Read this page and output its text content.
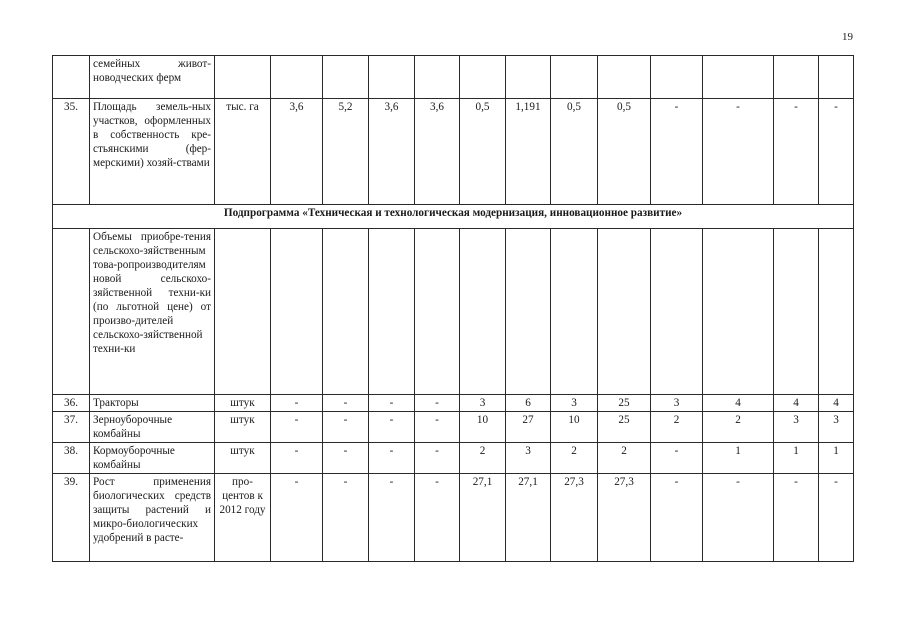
19
	семейных живот-новодческих ферм													
35.	Площадь земель-ных участков, оформленных в собственность кре-стьянскими (фер-мерскими) хозяй-ствами	тыс. га	3,6	5,2	3,6	3,6	0,5	1,191	0,5	0,5	-	-	-	-
Подпрограмма «Техническая и технологическая модернизация, инновационное развитие»														
	Объемы приобре-тения сельскохо-зяйственным това-ропроизводителям новой сельскохо-зяйственной техни-ки (по льготной цене) от произво-дителей сельскохо-зяйственной техни-ки													
36.	Тракторы	штук	-	-	-	-	3	6	3	25	3	4	4	4
37.	Зерноуборочные комбайны	штук	-	-	-	-	10	27	10	25	2	2	3	3
38.	Кормоуборочные комбайны	штук	-	-	-	-	2	3	2	2	-	1	1	1
39.	Рост применения биологических средств защиты растений и микро-биологических удобрений в расте-	про-центов к 2012 году	-	-	-	-	27,1	27,1	27,3	27,3	-	-	-	-
